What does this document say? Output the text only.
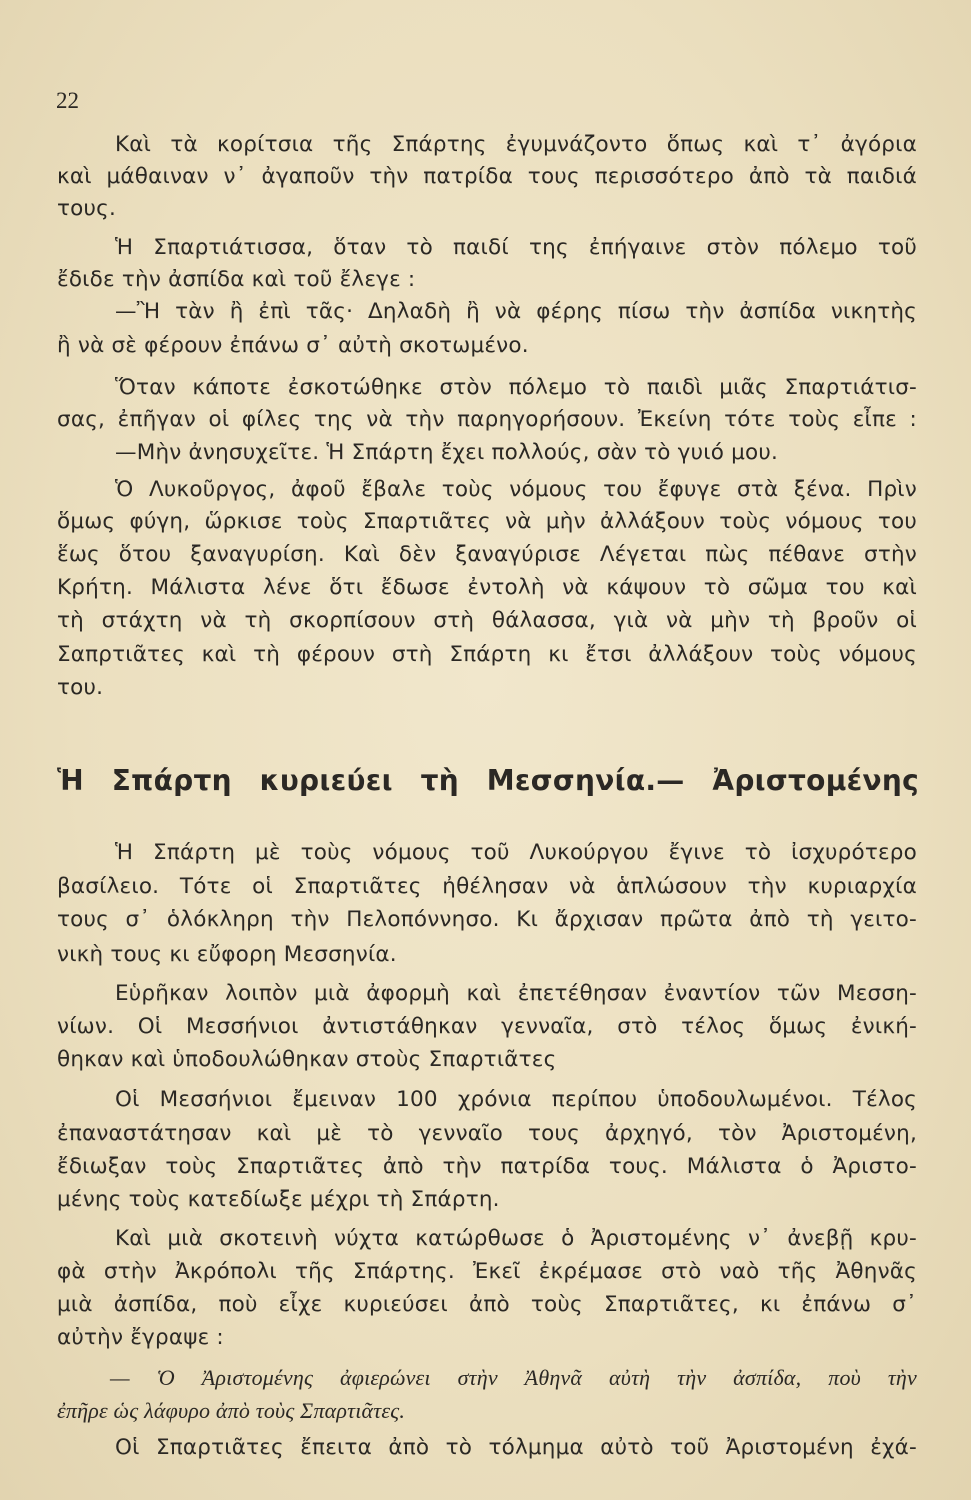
22
Καὶ τὰ κορίτσια τῆς Σπάρτης ἐγυμνάζοντο ὅπως καὶ τ᾽ ἀγόρια
καὶ μάθαιναν ν᾽ ἀγαποῦν τὴν πατρίδα τους περισσότερο ἀπὸ τὰ παιδιά
τους.
Ἡ Σπαρτιάτισσα, ὅταν τὸ παιδί της ἐπήγαινε στὸν πόλεμο τοῦ
ἔδιδε τὴν ἀσπίδα καὶ τοῦ ἔλεγε :
—Ἢ τὰν ἢ ἐπὶ τᾶς· Δηλαδὴ ἢ νὰ φέρης πίσω τὴν ἀσπίδα νικητὴς
ἢ νὰ σὲ φέρουν ἐπάνω σ᾽ αὐτὴ σκοτωμένο.
Ὅταν κάποτε ἐσκοτώθηκε στὸν πόλεμο τὸ παιδὶ μιᾶς Σπαρτιάτισ-
σας, ἐπῆγαν οἱ φίλες της νὰ τὴν παρηγορήσουν. Ἐκείνη τότε τοὺς εἶπε :
—Μὴν ἀνησυχεῖτε. Ἡ Σπάρτη ἔχει πολλούς, σὰν τὸ γυιό μου.
Ὁ Λυκοῦργος, ἀφοῦ ἔβαλε τοὺς νόμους του ἔφυγε στὰ ξένα. Πρὶν
ὅμως φύγη, ὥρκισε τοὺς Σπαρτιᾶτες νὰ μὴν ἀλλάξουν τοὺς νόμους του
ἕως ὅτου ξαναγυρίση. Καὶ δὲν ξαναγύρισε Λέγεται πὼς πέθανε στὴν
Κρήτη. Μάλιστα λένε ὅτι ἔδωσε ἐντολὴ νὰ κάψουν τὸ σῶμα του καὶ
τὴ στάχτη νὰ τὴ σκορπίσουν στὴ θάλασσα, γιὰ νὰ μὴν τὴ βροῦν οἱ
Σαπρτιᾶτες καὶ τὴ φέρουν στὴ Σπάρτη κι ἔτσι ἀλλάξουν τοὺς νόμους
του.
Ἡ Σπάρτη κυριεύει τὴ Μεσσηνία.— Ἀριστομένης
Ἡ Σπάρτη μὲ τοὺς νόμους τοῦ Λυκούργου ἔγινε τὸ ἰσχυρότερο
βασίλειο. Τότε οἱ Σπαρτιᾶτες ἠθέλησαν νὰ ἁπλώσουν τὴν κυριαρχία
τους σ᾽ ὁλόκληρη τὴν Πελοπόννησο. Κι ἄρχισαν πρῶτα ἀπὸ τὴ γειτο-
νικὴ τους κι εὔφορη Μεσσηνία.
Εὑρῆκαν λοιπὸν μιὰ ἀφορμὴ καὶ ἐπετέθησαν ἐναντίον τῶν Μεσση-
νίων. Οἱ Μεσσήνιοι ἀντιστάθηκαν γενναῖα, στὸ τέλος ὅμως ἐνική-
θηκαν καὶ ὑποδουλώθηκαν στοὺς Σπαρτιᾶτες
Οἱ Μεσσήνιοι ἔμειναν 100 χρόνια περίπου ὑποδουλωμένοι. Τέλος
ἐπαναστάτησαν καὶ μὲ τὸ γενναῖο τους ἀρχηγό, τὸν Ἀριστομένη,
ἔδιωξαν τοὺς Σπαρτιᾶτες ἀπὸ τὴν πατρίδα τους. Μάλιστα ὁ Ἀριστο-
μένης τοὺς κατεδίωξε μέχρι τὴ Σπάρτη.
Καὶ μιὰ σκοτεινὴ νύχτα κατώρθωσε ὁ Ἀριστομένης ν᾽ ἀνεβῇ κρυ-
φὰ στὴν Ἀκρόπολι τῆς Σπάρτης. Ἐκεῖ ἐκρέμασε στὸ ναὸ τῆς Ἀθηνᾶς
μιὰ ἀσπίδα, ποὺ εἶχε κυριεύσει ἀπὸ τοὺς Σπαρτιᾶτες, κι ἐπάνω σ᾽
αὐτὴν ἔγραψε :
— Ὁ Ἀριστομένης ἀφιερώνει στὴν Ἀθηνᾶ αὐτὴ τὴν ἀσπίδα, ποὺ τὴν
ἐπῆρε ὡς λάφυρο ἀπὸ τοὺς Σπαρτιᾶτες.
Οἱ Σπαρτιᾶτες ἔπειτα ἀπὸ τὸ τόλμημα αὐτὸ τοῦ Ἀριστομένη ἐχά-
